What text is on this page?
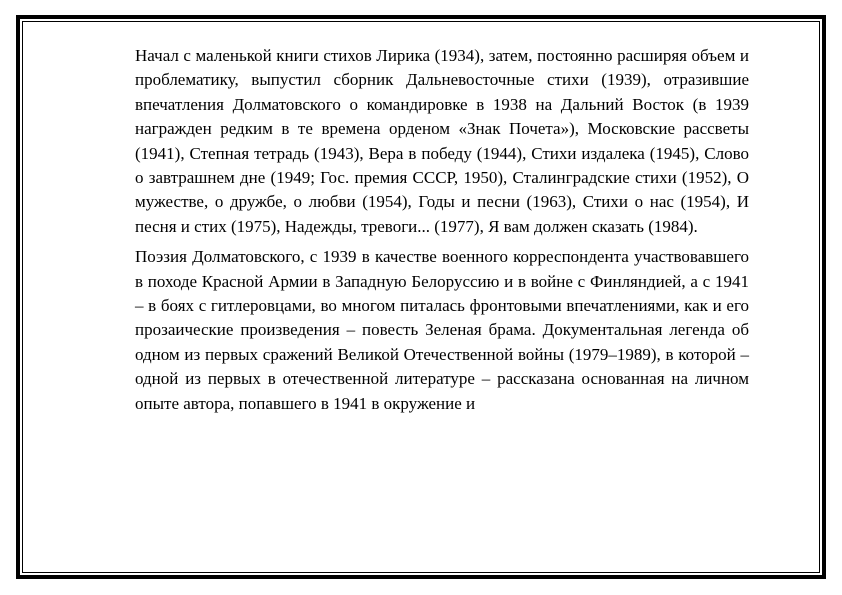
Начал с маленькой книги стихов Лирика (1934), затем, постоянно расширяя объем и проблематику, выпустил сборник Дальневосточные стихи (1939), отразившие впечатления Долматовского о командировке в 1938 на Дальний Восток (в 1939 награжден редким в те времена орденом «Знак Почета»), Московские рассветы (1941), Степная тетрадь (1943), Вера в победу (1944), Стихи издалека (1945), Слово о завтрашнем дне (1949; Гос. премия СССР, 1950), Сталинградские стихи (1952), О мужестве, о дружбе, о любви (1954), Годы и песни (1963), Стихи о нас (1954), И песня и стих (1975), Надежды, тревоги... (1977), Я вам должен сказать (1984).

Поэзия Долматовского, с 1939 в качестве военного корреспондента участвовавшего в походе Красной Армии в Западную Белоруссию и в войне с Финляндией, а с 1941 – в боях с гитлеровцами, во многом питалась фронтовыми впечатлениями, как и его прозаические произведения – повесть Зеленая брама. Документальная легенда об одном из первых сражений Великой Отечественной войны (1979–1989), в которой – одной из первых в отечественной литературе – рассказана основанная на личном опыте автора, попавшего в 1941 в окружение и
